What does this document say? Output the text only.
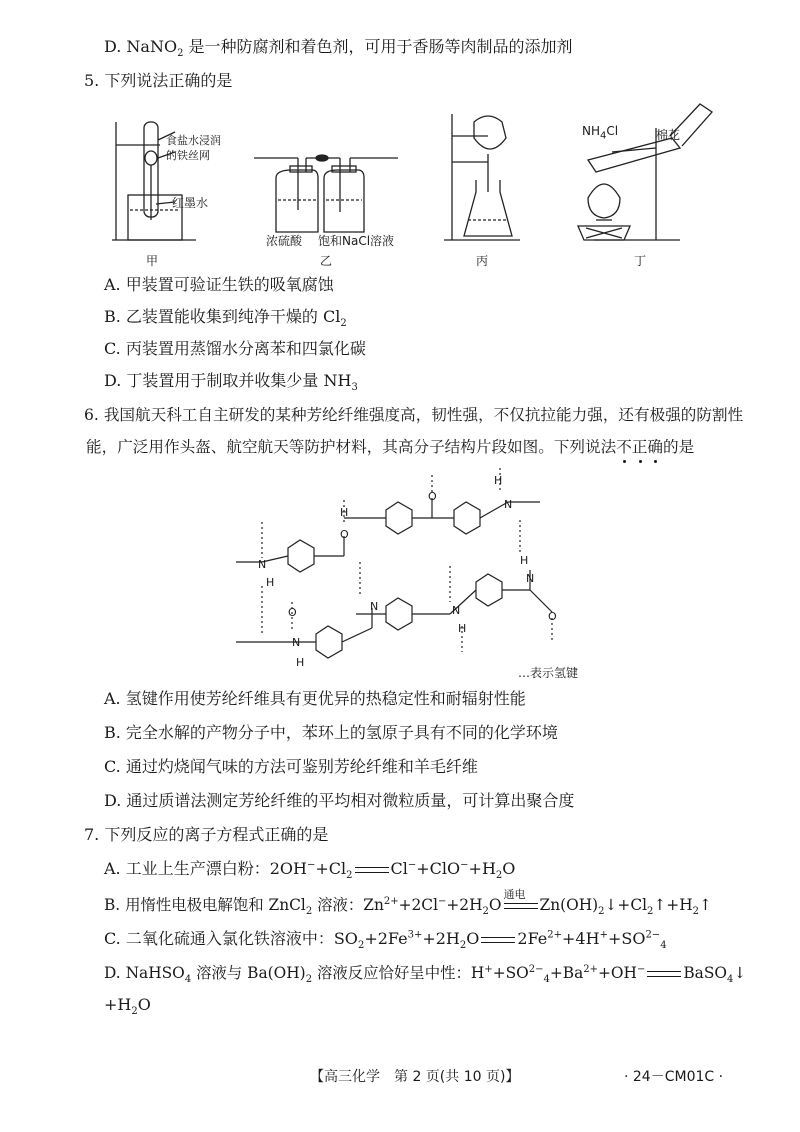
D. NaNO$_2$ 是一种防腐剂和着色剂，可用于香肠等肉制品的添加剂
5. 下列说法正确的是
食盐水浸润
的铁丝网
红墨水
甲
浓硫酸 饱和NaCl溶液
乙	丙
$NH_4Cl$	棉花
丁
A. 甲装置可验证生铁的吸氧腐蚀
B. 乙装置能收集到纯净干燥的 $Cl_2$
C. 丙装置用蒸馏水分离苯和四氯化碳
D. 丁装置用于制取并收集少量 $NH_3$
6. 我国航天科工自主研发的某种芳纶纤维强度高，韧性强，不仅抗拉能力强，还有极强的防割性
能，广泛用作头盔、航空航天等防护材料，其高分子结构片段如图。下列说法不正确的是
N
H
O
H
O
H
N
H
N
N	N
H
O
N
H
O
…表示氢键
A. 氢键作用使芳纶纤维具有更优异的热稳定性和耐辐射性能
B. 完全水解的产物分子中，苯环上的氢原子具有不同的化学环境
C. 通过灼烧闻气味的方法可鉴别芳纶纤维和羊毛纤维
D. 通过质谱法测定芳纶纤维的平均相对微粒质量，可计算出聚合度
7. 下列反应的离子方程式正确的是
A. 工业上生产漂白粉：$2OH^-+Cl_2$ $Cl^-+ClO^-+H_2O$
B. 用惰性电极电解饱和 ZnCl$_2$ 溶液：$Zn^{2+}+2Cl^-+2H_2O$
通电
$Zn(OH)_2↓+Cl_2↑+H_2↑$
C. 二氧化硫通入氯化铁溶液中：$SO_2+2Fe^{3+}+2H_2O$ $2Fe^{2+}+4H^++SO^{2-}_4$
D. NaHSO$_4$ 溶液与 $Ba(OH)_2$ 溶液反应恰好呈中性：$H^++SO^{2-}_4+Ba^{2+}+OH^-$ BaSO$_4$↓
$+H_2O$
【高三化学　第 2 页(共 10 页)】	· 24－CM01C ·
